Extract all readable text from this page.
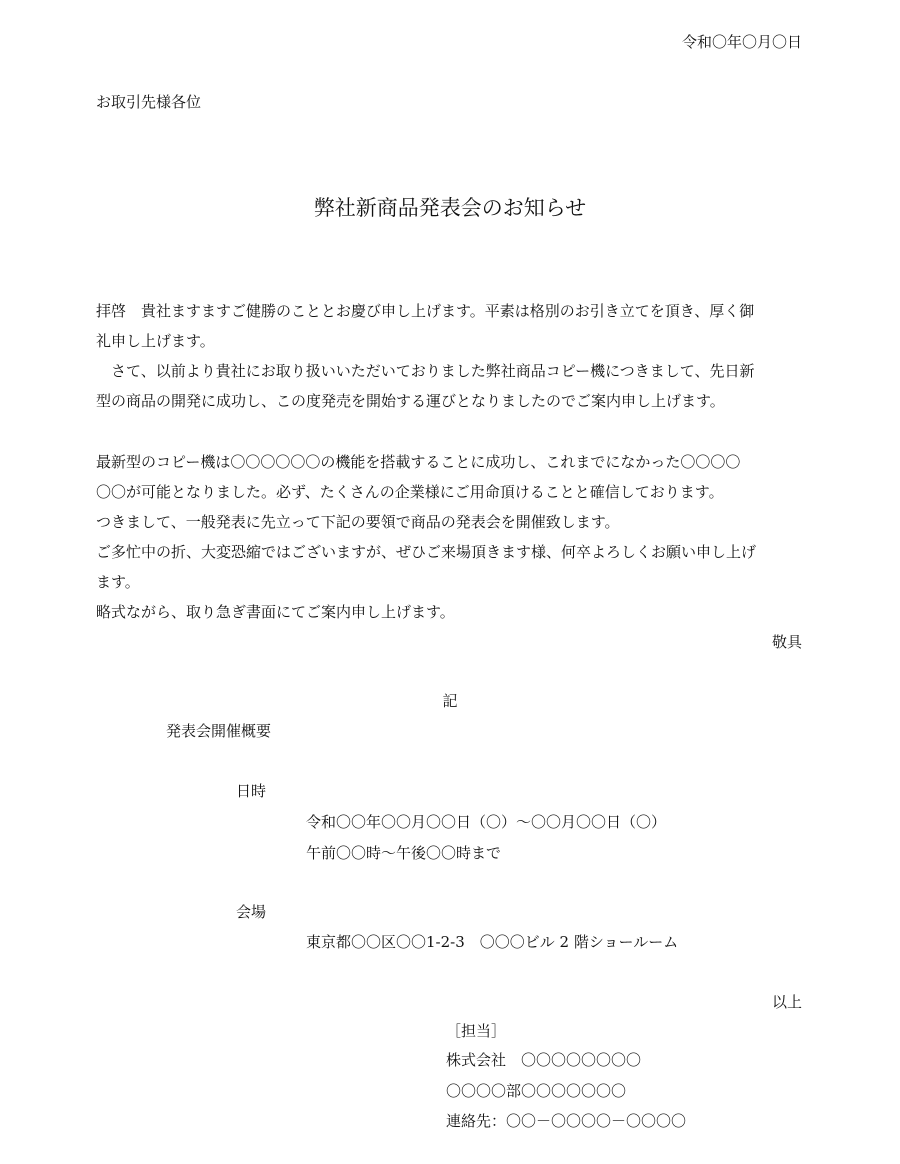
令和〇年〇月〇日
お取引先様各位
弊社新商品発表会のお知らせ
拝啓　貴社ますますご健勝のこととお慶び申し上げます。平素は格別のお引き立てを頂き、厚く御
礼申し上げます。
　さて、以前より貴社にお取り扱いいただいておりました弊社商品コピー機につきまして、先日新
型の商品の開発に成功し、この度発売を開始する運びとなりましたのでご案内申し上げます。
最新型のコピー機は〇〇〇〇〇〇の機能を搭載することに成功し、これまでになかった〇〇〇〇
〇〇が可能となりました。必ず、たくさんの企業様にご用命頂けることと確信しております。
つきまして、一般発表に先立って下記の要領で商品の発表会を開催致します。
ご多忙中の折、大変恐縮ではございますが、ぜひご来場頂きます様、何卒よろしくお願い申し上げ
ます。
略式ながら、取り急ぎ書面にてご案内申し上げます。
敬具
記
発表会開催概要
日時
令和〇〇年〇〇月〇〇日（〇）～〇〇月〇〇日（〇）
午前〇〇時～午後〇〇時まで
会場
東京都〇〇区〇〇1-2-3　〇〇〇ビル 2 階ショールーム
以上
［担当］
株式会社　〇〇〇〇〇〇〇〇
〇〇〇〇部〇〇〇〇〇〇〇
連絡先：〇〇－〇〇〇〇－〇〇〇〇
